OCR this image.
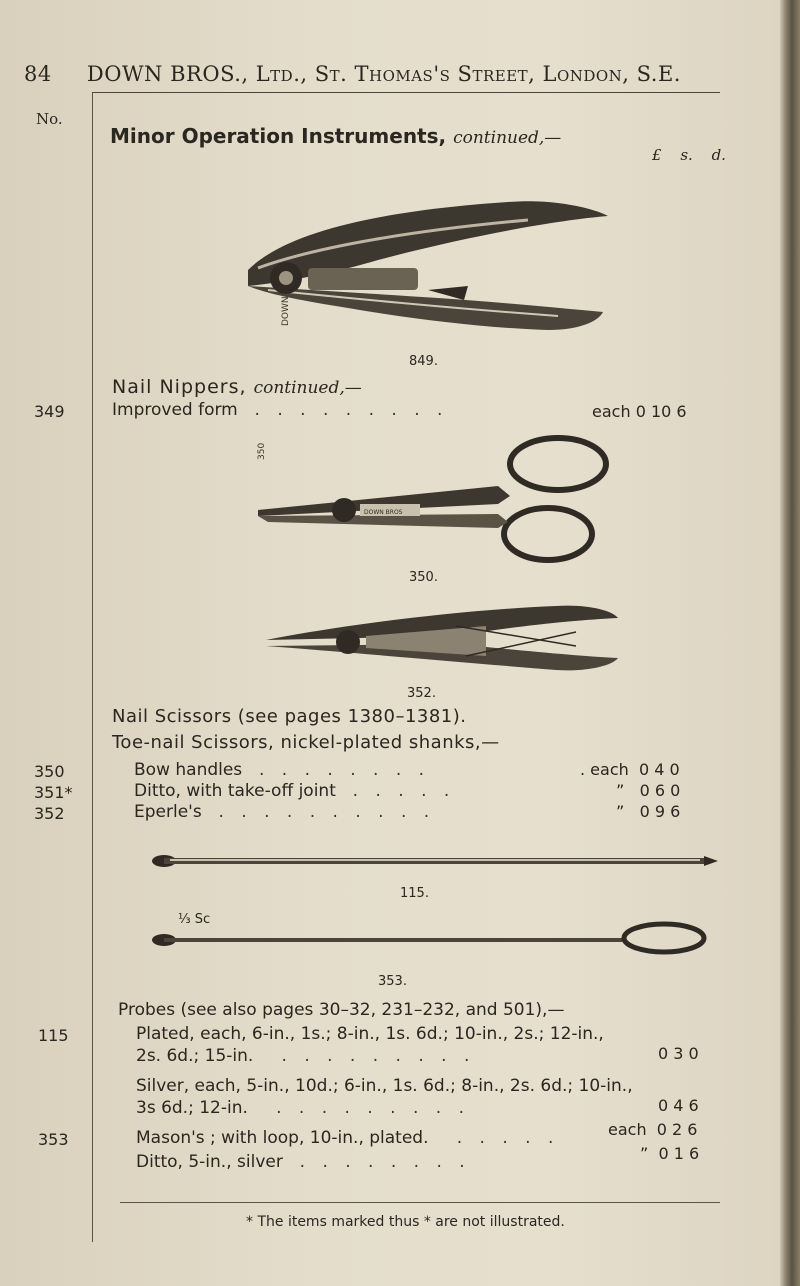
84 DOWN BROS., Ltd., St. Thomas's Street, London, S.E.
No.
Minor Operation Instruments, continued,—
£ s. d.
DOWN
849.
Nail Nippers, continued,—
349	Improved form  . . . . . . . . .	each 0 10 6
DOWN BROS
350
350.
352.
Nail Scissors (see pages 1380–1381).
Toe-nail Scissors, nickel-plated shanks,—
350	Bow handles  . . . . . . . .	. each 0 4 0
351*	Ditto, with take-off joint  . . . . .	” 0 6 0
352	Eperle's  . . . . . . . . . .	” 0 9 6
115.
⅓ Sc
353.
Probes (see also pages 30–32, 231–232, and 501),—
115	Plated, each, 6-in., 1s.; 8-in., 1s. 6d.; 10-in., 2s.; 12-in.,
2s. 6d.; 15-in.   . . . . . . . . .	0 3 0
Silver, each, 5-in., 10d.; 6-in., 1s. 6d.; 8-in., 2s. 6d.; 10-in.,
3s 6d.; 12-in.   . . . . . . . . .	0 4 6
353	Mason's ; with loop, 10-in., plated.   . . . . .	each 0 2 6
Ditto, 5-in., silver  . . . . . . . .	” 0 1 6
* The items marked thus * are not illustrated.
